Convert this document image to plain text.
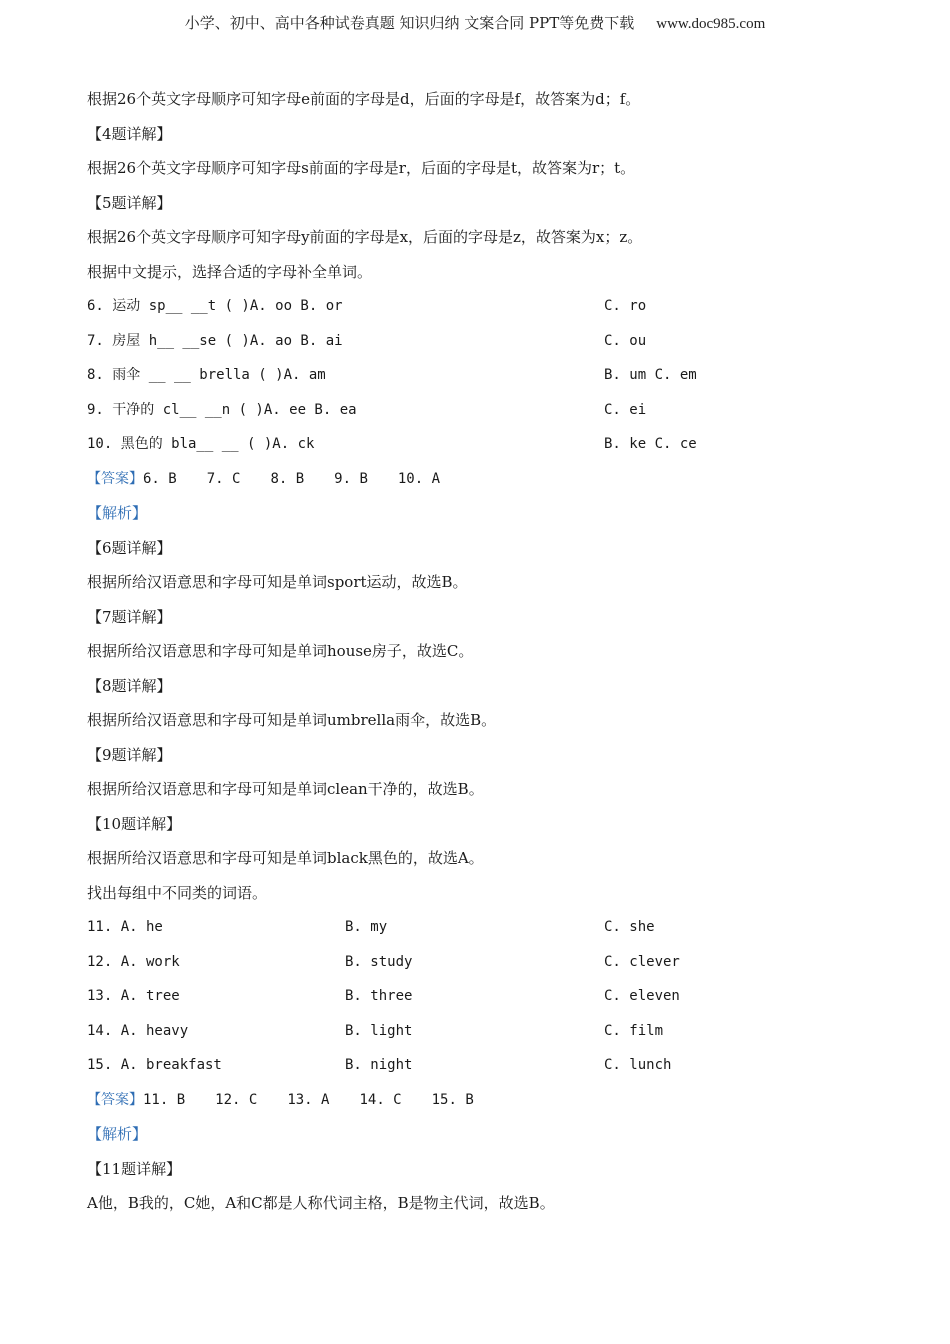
小学、初中、高中各种试卷真题 知识归纳 文案合同 PPT等免费下载 www.doc985.com
根据26个英文字母顺序可知字母e前面的字母是d，后面的字母是f，故答案为d；f。
【4题详解】
根据26个英文字母顺序可知字母s前面的字母是r，后面的字母是t，故答案为r；t。
【5题详解】
根据26个英文字母顺序可知字母y前面的字母是x，后面的字母是z，故答案为x；z。
根据中文提示，选择合适的字母补全单词。
6. 运动 sp__ __t ( )A. oo B. or	C. ro
7. 房屋 h__ __se ( )A. ao B. ai	C. ou
8. 雨伞 __ __ brella ( )A. am	B. um C. em
9. 干净的 cl__ __n ( )A. ee B. ea	C. ei
10. 黑色的 bla__ __ ( )A. ck	B. ke C. ce
【答案】6. B 7. C 8. B 9. B 10. A
【解析】
【6题详解】
根据所给汉语意思和字母可知是单词sport运动，故选B。
【7题详解】
根据所给汉语意思和字母可知是单词house房子，故选C。
【8题详解】
根据所给汉语意思和字母可知是单词umbrella雨伞，故选B。
【9题详解】
根据所给汉语意思和字母可知是单词clean干净的，故选B。
【10题详解】
根据所给汉语意思和字母可知是单词black黑色的，故选A。
找出每组中不同类的词语。
11. A. he	B. my	C. she
12. A. work	B. study	C. clever
13. A. tree	B. three	C. eleven
14. A. heavy	B. light	C. film
15. A. breakfast	B. night	C. lunch
【答案】11. B 12. C 13. A 14. C 15. B
【解析】
【11题详解】
A他，B我的，C她，A和C都是人称代词主格，B是物主代词，故选B。
